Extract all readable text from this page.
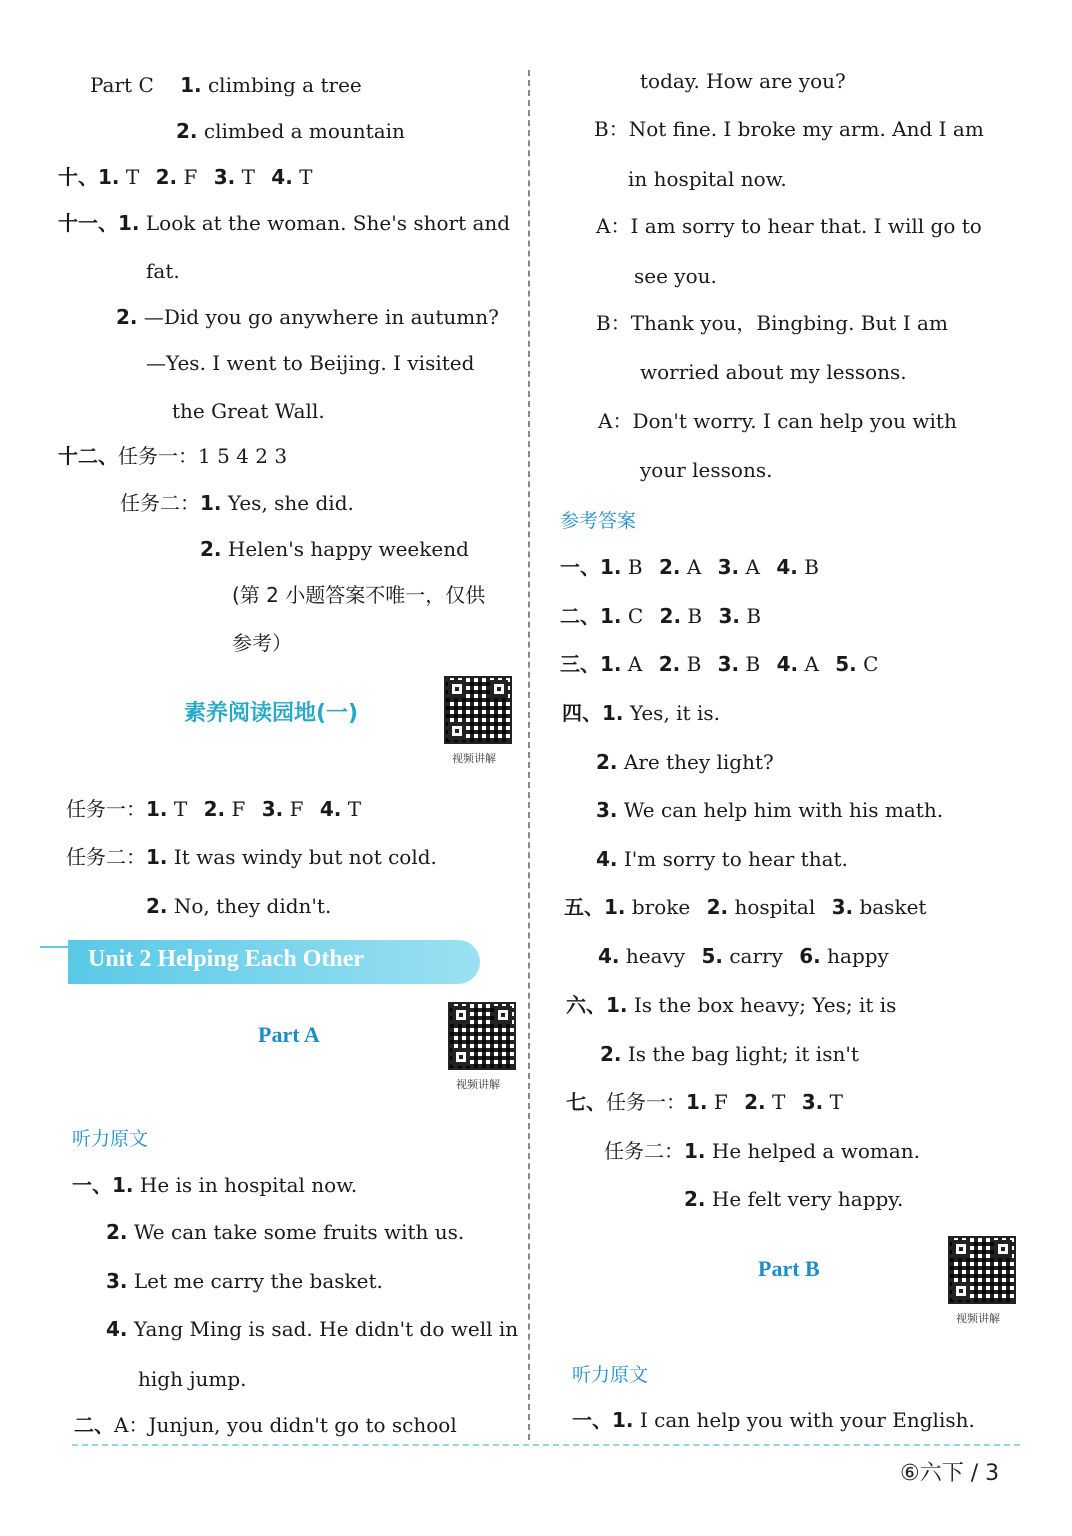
Part C 1. climbing a tree
2. climbed a mountain
十、1. T 2. F 3. T 4. T
十一、1. Look at the woman. She's short and
fat.
2. —Did you go anywhere in autumn?
—Yes. I went to Beijing. I visited
the Great Wall.
十二、任务一：1 5 4 2 3
任务二：1. Yes, she did.
2. Helen's happy weekend
(第 2 小题答案不唯一，仅供
参考）
素养阅读园地(一)
视频讲解
任务一：1. T 2. F 3. F 4. T
任务二：1. It was windy but not cold.
2. No, they didn't.
Unit 2 Helping Each Other
Part A
视频讲解
听力原文
一、1. He is in hospital now.
2. We can take some fruits with us.
3. Let me carry the basket.
4. Yang Ming is sad. He didn't do well in
high jump.
二、A：Junjun, you didn't go to school
today. How are you?
B：Not fine. I broke my arm. And I am
in hospital now.
A：I am sorry to hear that. I will go to
see you.
B：Thank you，Bingbing. But I am
worried about my lessons.
A：Don't worry. I can help you with
your lessons.
参考答案
一、1. B 2. A 3. A 4. B
二、1. C 2. B 3. B
三、1. A 2. B 3. B 4. A 5. C
四、1. Yes, it is.
2. Are they light?
3. We can help him with his math.
4. I'm sorry to hear that.
五、1. broke 2. hospital 3. basket
4. heavy 5. carry 6. happy
六、1. Is the box heavy; Yes; it is
2. Is the bag light; it isn't
七、任务一：1. F 2. T 3. T
任务二：1. He helped a woman.
2. He felt very happy.
Part B
视频讲解
听力原文
一、1. I can help you with your English.
⑥六下 / 3
